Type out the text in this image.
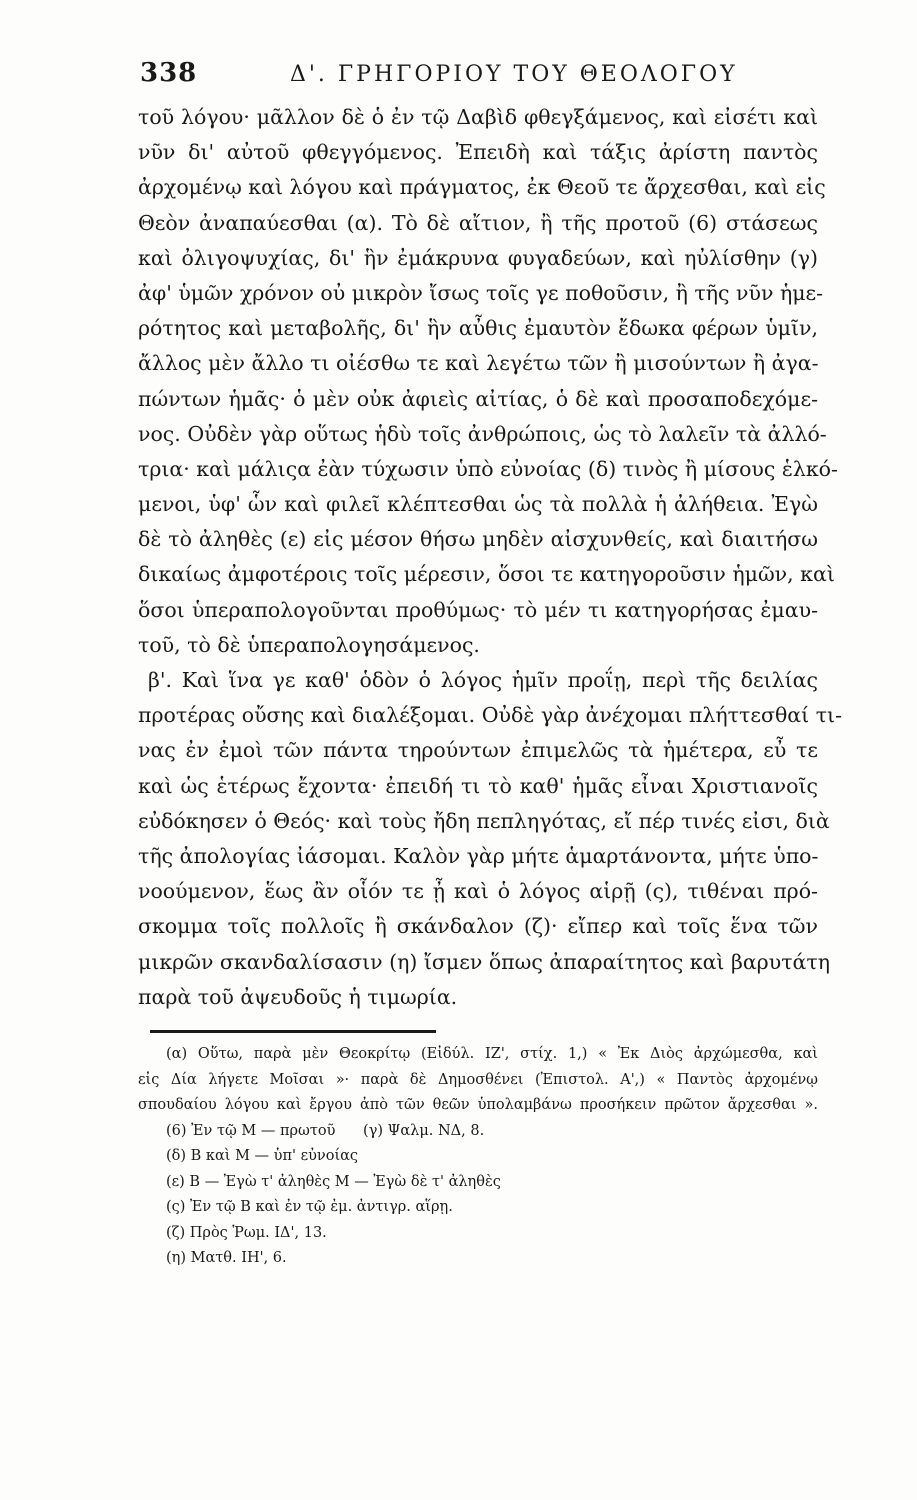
338	Δ'. ΓΡΗΓΟΡΙΟΥ ΤΟΥ ΘΕΟΛΟΓΟΥ
τοῦ λόγου· μᾶλλον δὲ ὁ ἐν τῷ Δαβὶδ φθεγξάμενος, καὶ εἰσέτι καὶ
νῦν δι' αὐτοῦ φθεγγόμενος. Ἐπειδὴ καὶ τάξις ἀρίστη παντὸς
ἀρχομένῳ καὶ λόγου καὶ πράγματος, ἐκ Θεοῦ τε ἄρχεσθαι, καὶ εἰς
Θεὸν ἀναπαύεσθαι (α). Τὸ δὲ αἴτιον, ἢ τῆς προτοῦ (6) στάσεως
καὶ ὀλιγοψυχίας, δι' ἣν ἐμάκρυνα φυγαδεύων, καὶ ηὐλίσθην (γ)
ἀφ' ὑμῶν χρόνον οὐ μικρὸν ἴσως τοῖς γε ποθοῦσιν, ἢ τῆς νῦν ἡμε-
ρότητος καὶ μεταβολῆς, δι' ἣν αὖθις ἐμαυτὸν ἔδωκα φέρων ὑμῖν,
ἄλλος μὲν ἄλλο τι οἰέσθω τε καὶ λεγέτω τῶν ἢ μισούντων ἢ ἀγα-
πώντων ἡμᾶς· ὁ μὲν οὐκ ἀφιεὶς αἰτίας, ὁ δὲ καὶ προσαποδεχόμε-
νος. Οὐδὲν γὰρ οὕτως ἡδὺ τοῖς ἀνθρώποις, ὡς τὸ λαλεῖν τὰ ἀλλό-
τρια· καὶ μάλιςα ἐὰν τύχωσιν ὑπὸ εὐνοίας (δ) τινὸς ἢ μίσους ἑλκό-
μενοι, ὑφ' ὧν καὶ φιλεῖ κλέπτεσθαι ὡς τὰ πολλὰ ἡ ἀλήθεια. Ἐγὼ
δὲ τὸ ἀληθὲς (ε) εἰς μέσον θήσω μηδὲν αἰσχυνθείς, καὶ διαιτήσω
δικαίως ἀμφοτέροις τοῖς μέρεσιν, ὅσοι τε κατηγοροῦσιν ἡμῶν, καὶ
ὅσοι ὑπεραπολογοῦνται προθύμως· τὸ μέν τι κατηγορήσας ἐμαυ-
τοῦ, τὸ δὲ ὑπεραπολογησάμενος.
β'. Καὶ ἵνα γε καθ' ὁδὸν ὁ λόγος ἡμῖν προΐῃ, περὶ τῆς δειλίας
προτέρας οὔσης καὶ διαλέξομαι. Οὐδὲ γὰρ ἀνέχομαι πλήττεσθαί τι-
νας ἐν ἐμοὶ τῶν πάντα τηρούντων ἐπιμελῶς τὰ ἡμέτερα, εὖ τε
καὶ ὡς ἑτέρως ἔχοντα· ἐπειδή τι τὸ καθ' ἡμᾶς εἶναι Χριστιανοῖς
εὐδόκησεν ὁ Θεός· καὶ τοὺς ἤδη πεπληγότας, εἴ πέρ τινές εἰσι, διὰ
τῆς ἀπολογίας ἰάσομαι. Καλὸν γὰρ μήτε ἁμαρτάνοντα, μήτε ὑπο-
νοούμενον, ἕως ἂν οἷόν τε ᾖ καὶ ὁ λόγος αἱρῇ (ς), τιθέναι πρό-
σκομμα τοῖς πολλοῖς ἢ σκάνδαλον (ζ)· εἴπερ καὶ τοῖς ἕνα τῶν
μικρῶν σκανδαλίσασιν (η) ἴσμεν ὅπως ἀπαραίτητος καὶ βαρυτάτη
παρὰ τοῦ ἀψευδοῦς ἡ τιμωρία.
(α) Οὕτω, παρὰ μὲν Θεοκρίτῳ (Εἰδύλ. ΙΖ', στίχ. 1,) « Ἐκ Διὸς ἀρχώμεσθα, καὶ
εἰς Δία λήγετε Μοῖσαι »· παρὰ δὲ Δημοσθένει (Ἐπιστολ. Α',) « Παντὸς ἀρχομένῳ
σπουδαίου λόγου καὶ ἔργου ἀπὸ τῶν θεῶν ὑπολαμβάνω προσήκειν πρῶτον ἄρχεσθαι ».
(6) Ἐν τῷ Μ — πρωτοῦ      (γ) Ψαλμ. ΝΔ, 8.
(δ) Β καὶ Μ — ὑπ' εὐνοίας
(ε) Β — Ἐγὼ τ' ἀληθὲς Μ — Ἐγὼ δὲ τ' ἀληθὲς
(ς) Ἐν τῷ Β καὶ ἐν τῷ ἐμ. ἀντιγρ. αἵρῃ.
(ζ) Πρὸς Ῥωμ. ΙΔ', 13.
(η) Ματθ. ΙΗ', 6.
